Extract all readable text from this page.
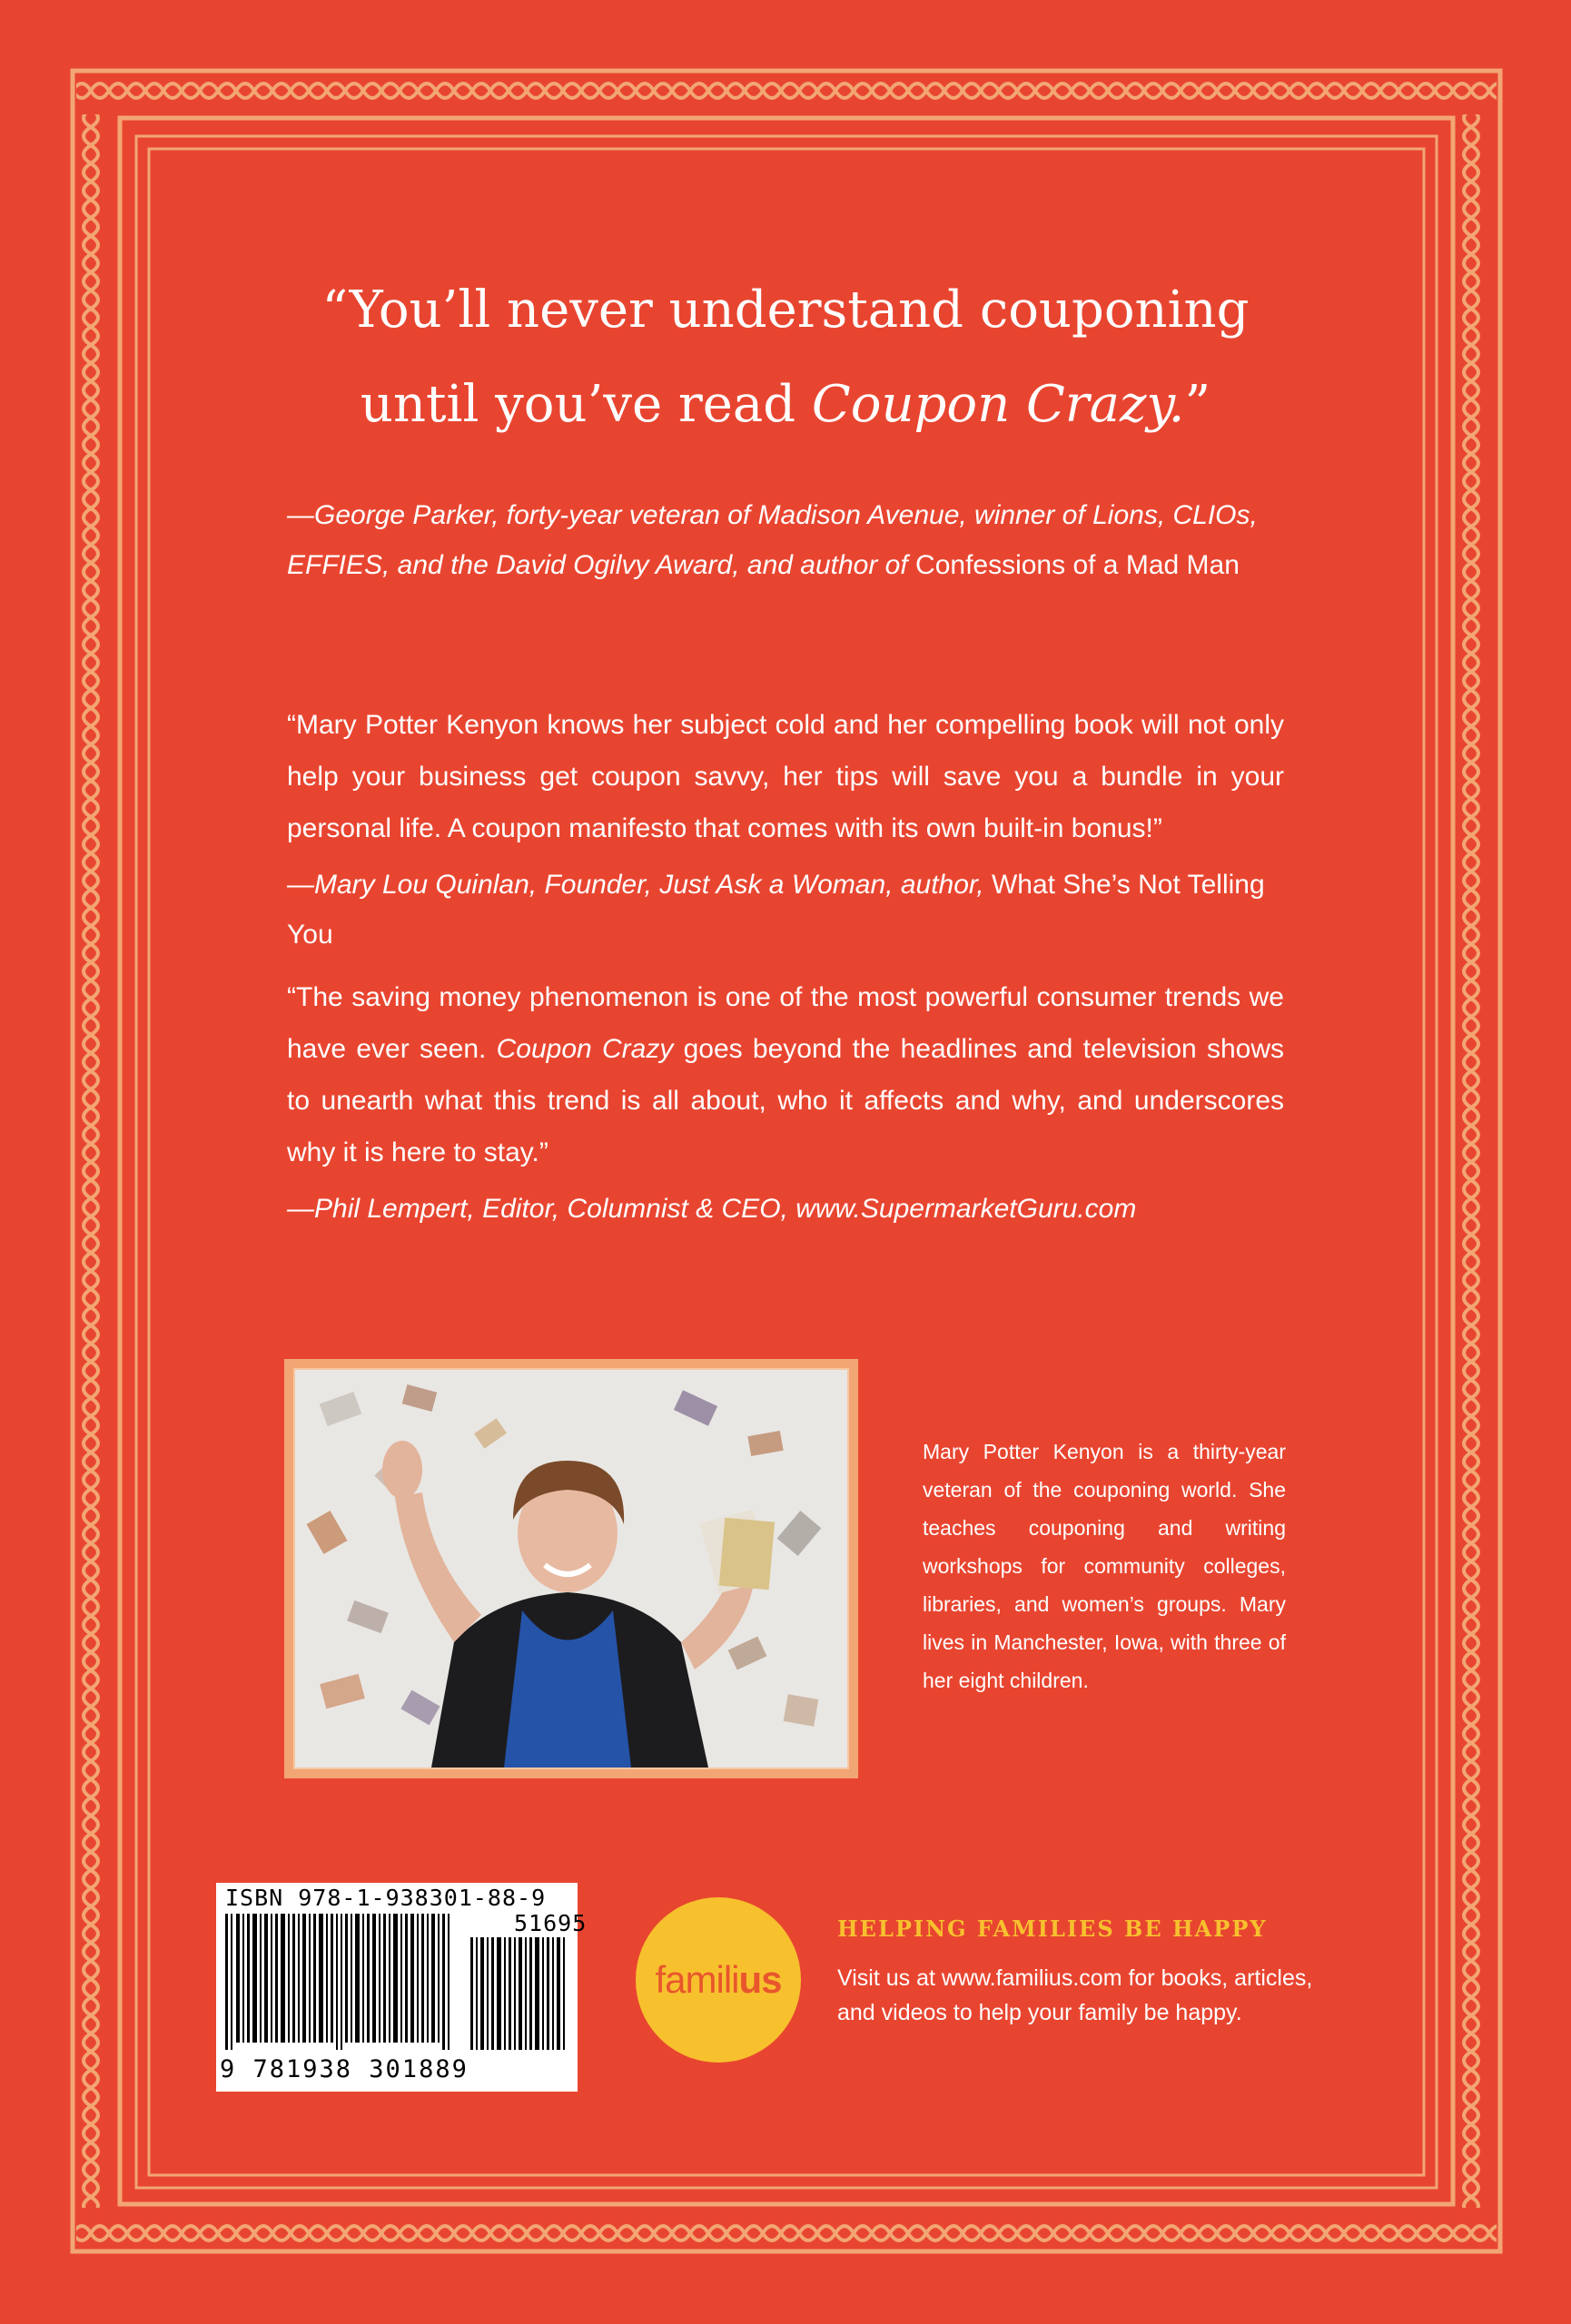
“You’ll never understand couponing
until you’ve read Coupon Crazy.”
—George Parker, forty-year veteran of Madison Avenue, winner of Lions, CLIOs, EFFIES, and the David Ogilvy Award, and author of Confessions of a Mad Man
“Mary Potter Kenyon knows her subject cold and her compelling book will not only help your business get coupon savvy, her tips will save you a bundle in your personal life. A coupon manifesto that comes with its own built-in bonus!”
—Mary Lou Quinlan, Founder, Just Ask a Woman, author, What She’s Not Telling You
“The saving money phenomenon is one of the most powerful consumer trends we have ever seen. Coupon Crazy goes beyond the headlines and television shows to unearth what this trend is all about, who it affects and why, and underscores why it is here to stay.”
—Phil Lempert, Editor, Columnist & CEO, www.SupermarketGuru.com
Mary Potter Kenyon is a thirty-year veteran of the couponing world. She teaches couponing and writing workshops for community colleges, libraries, and women’s groups. Mary lives in Manchester, Iowa, with three of her eight children.
ISBN 978-1-938301-88-9
51695
9 781938 301889
familius
HELPING FAMILIES BE HAPPY
Visit us at www.familius.com for books, articles, and videos to help your family be happy.
